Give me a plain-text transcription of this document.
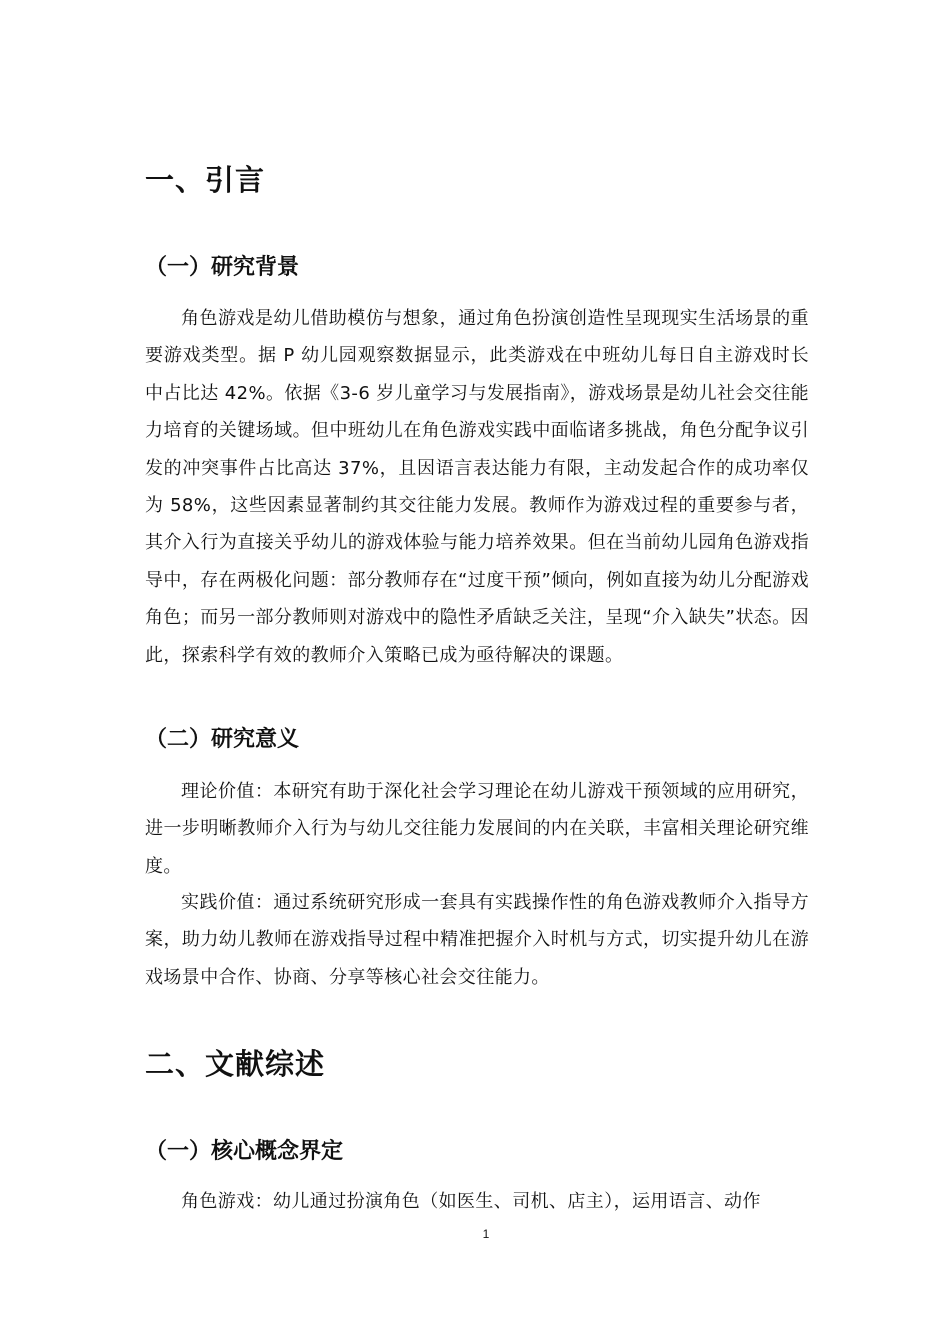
一、引言
（一）研究背景

角色游戏是幼儿借助模仿与想象，通过角色扮演创造性呈现现实生活场景的重要游戏类型。据 P 幼儿园观察数据显示，此类游戏在中班幼儿每日自主游戏时长中占比达 42%。依据《3-6 岁儿童学习与发展指南》，游戏场景是幼儿社会交往能力培育的关键场域。但中班幼儿在角色游戏实践中面临诸多挑战，角色分配争议引发的冲突事件占比高达 37%，且因语言表达能力有限，主动发起合作的成功率仅为 58%，这些因素显著制约其交往能力发展。教师作为游戏过程的重要参与者，其介入行为直接关乎幼儿的游戏体验与能力培养效果。但在当前幼儿园角色游戏指导中，存在两极化问题：部分教师存在“过度干预”倾向，例如直接为幼儿分配游戏角色；而另一部分教师则对游戏中的隐性矛盾缺乏关注，呈现“介入缺失”状态。因此，探索科学有效的教师介入策略已成为亟待解决的课题。

（二）研究意义

理论价值：本研究有助于深化社会学习理论在幼儿游戏干预领域的应用研究，进一步明晰教师介入行为与幼儿交往能力发展间的内在关联，丰富相关理论研究维度。

实践价值：通过系统研究形成一套具有实践操作性的角色游戏教师介入指导方案，助力幼儿教师在游戏指导过程中精准把握介入时机与方式，切实提升幼儿在游戏场景中合作、协商、分享等核心社会交往能力。

二、文献综述
（一）核心概念界定

角色游戏：幼儿通过扮演角色（如医生、司机、店主），运用语言、动作

1
